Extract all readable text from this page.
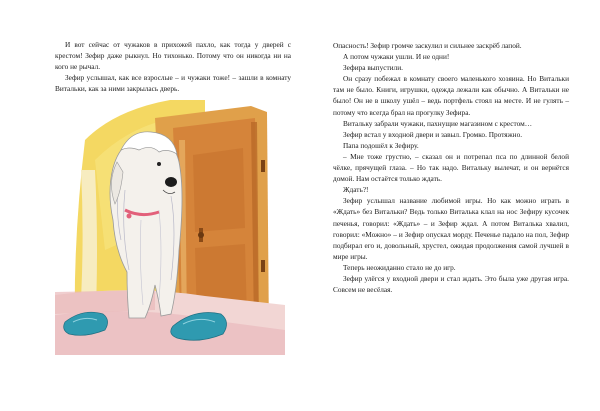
И вот сейчас от чужаков в прихожей пахло, как тогда у дверей с крестом! Зефир даже рыкнул. Но тихонько. Потому что он никогда ни на кого не рычал.

Зефир услышал, как все взрослые – и чужаки тоже! – зашли в комнату Витальки, как за ними закрылась дверь.

Опасность! Зефир громче заскулил и сильнее заскрёб лапой.

А потом чужаки ушли. И не одни!

Зефира выпустили.

Он сразу побежал в комнату своего маленького хозяина. Но Витальки там не было. Книги, игрушки, одежда лежали как обычно. А Витальки не было! Он не в школу ушёл – ведь портфель стоял на месте. И не гулять – потому что всегда брал на прогулку Зефира.

Витальку забрали чужаки, пахнущие магазином с крестом…

Зефир встал у входной двери и завыл. Громко. Протяжно.

Папа подошёл к Зефиру.

– Мне тоже грустно, – сказал он и потрепал пса по длинной белой чёлке, прячущей глаза. – Но так надо. Витальку вылечат, и он вернётся домой. Нам остаётся только ждать.

Ждать?!

Зефир услышал название любимой игры. Но как можно играть в «Ждать» без Витальки? Ведь только Виталька клал на нос Зефиру кусочек печенья, говорил: «Ждать» – и Зефир ждал. А потом Виталька хвалил, говорил: «Можно» – и Зефир опускал морду. Печенье падало на пол, Зефир подбирал его и, довольный, хрустел, ожидая продолжения самой лучшей в мире игры.

Теперь неожиданно стало не до игр.

Зефир улёгся у входной двери и стал ждать. Это была уже другая игра. Совсем не весёлая.
